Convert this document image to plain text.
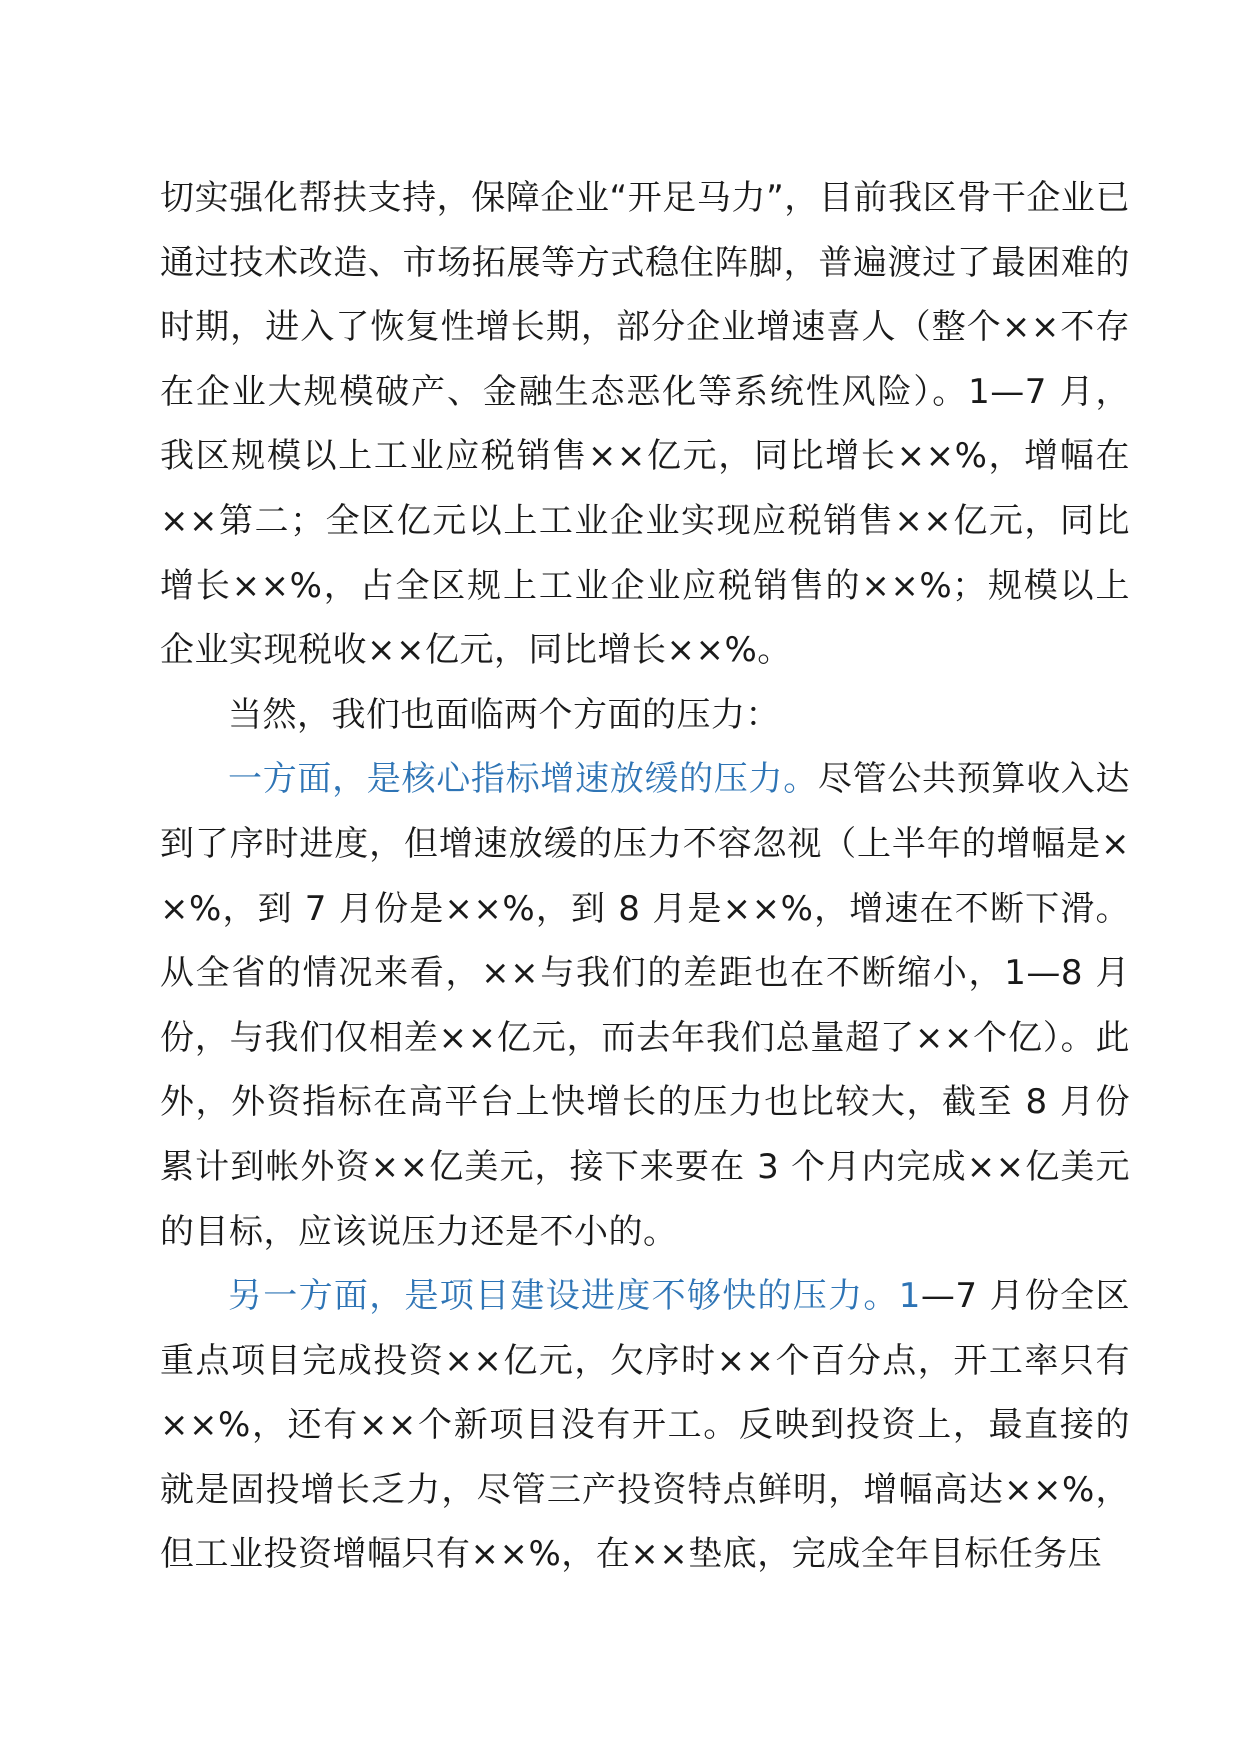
切实强化帮扶支持，保障企业“开足马力”，目前我区骨干企业已通过技术改造、市场拓展等方式稳住阵脚，普遍渡过了最困难的时期，进入了恢复性增长期，部分企业增速喜人（整个××不存在企业大规模破产、金融生态恶化等系统性风险）。1—7 月，我区规模以上工业应税销售××亿元，同比增长××%，增幅在××第二；全区亿元以上工业企业实现应税销售××亿元，同比增长××%，占全区规上工业企业应税销售的××%；规模以上企业实现税收××亿元，同比增长××%。

当然，我们也面临两个方面的压力：

一方面，是核心指标增速放缓的压力。尽管公共预算收入达到了序时进度，但增速放缓的压力不容忽视（上半年的增幅是××%，到 7 月份是××%，到 8 月是××%，增速在不断下滑。从全省的情况来看，××与我们的差距也在不断缩小，1—8 月份，与我们仅相差××亿元，而去年我们总量超了××个亿）。此外，外资指标在高平台上快增长的压力也比较大，截至 8 月份累计到帐外资××亿美元，接下来要在 3 个月内完成××亿美元的目标，应该说压力还是不小的。

另一方面，是项目建设进度不够快的压力。1—7 月份全区重点项目完成投资××亿元，欠序时××个百分点，开工率只有××%，还有××个新项目没有开工。反映到投资上，最直接的就是固投增长乏力，尽管三产投资特点鲜明，增幅高达××%，但工业投资增幅只有××%，在××垫底，完成全年目标任务压
